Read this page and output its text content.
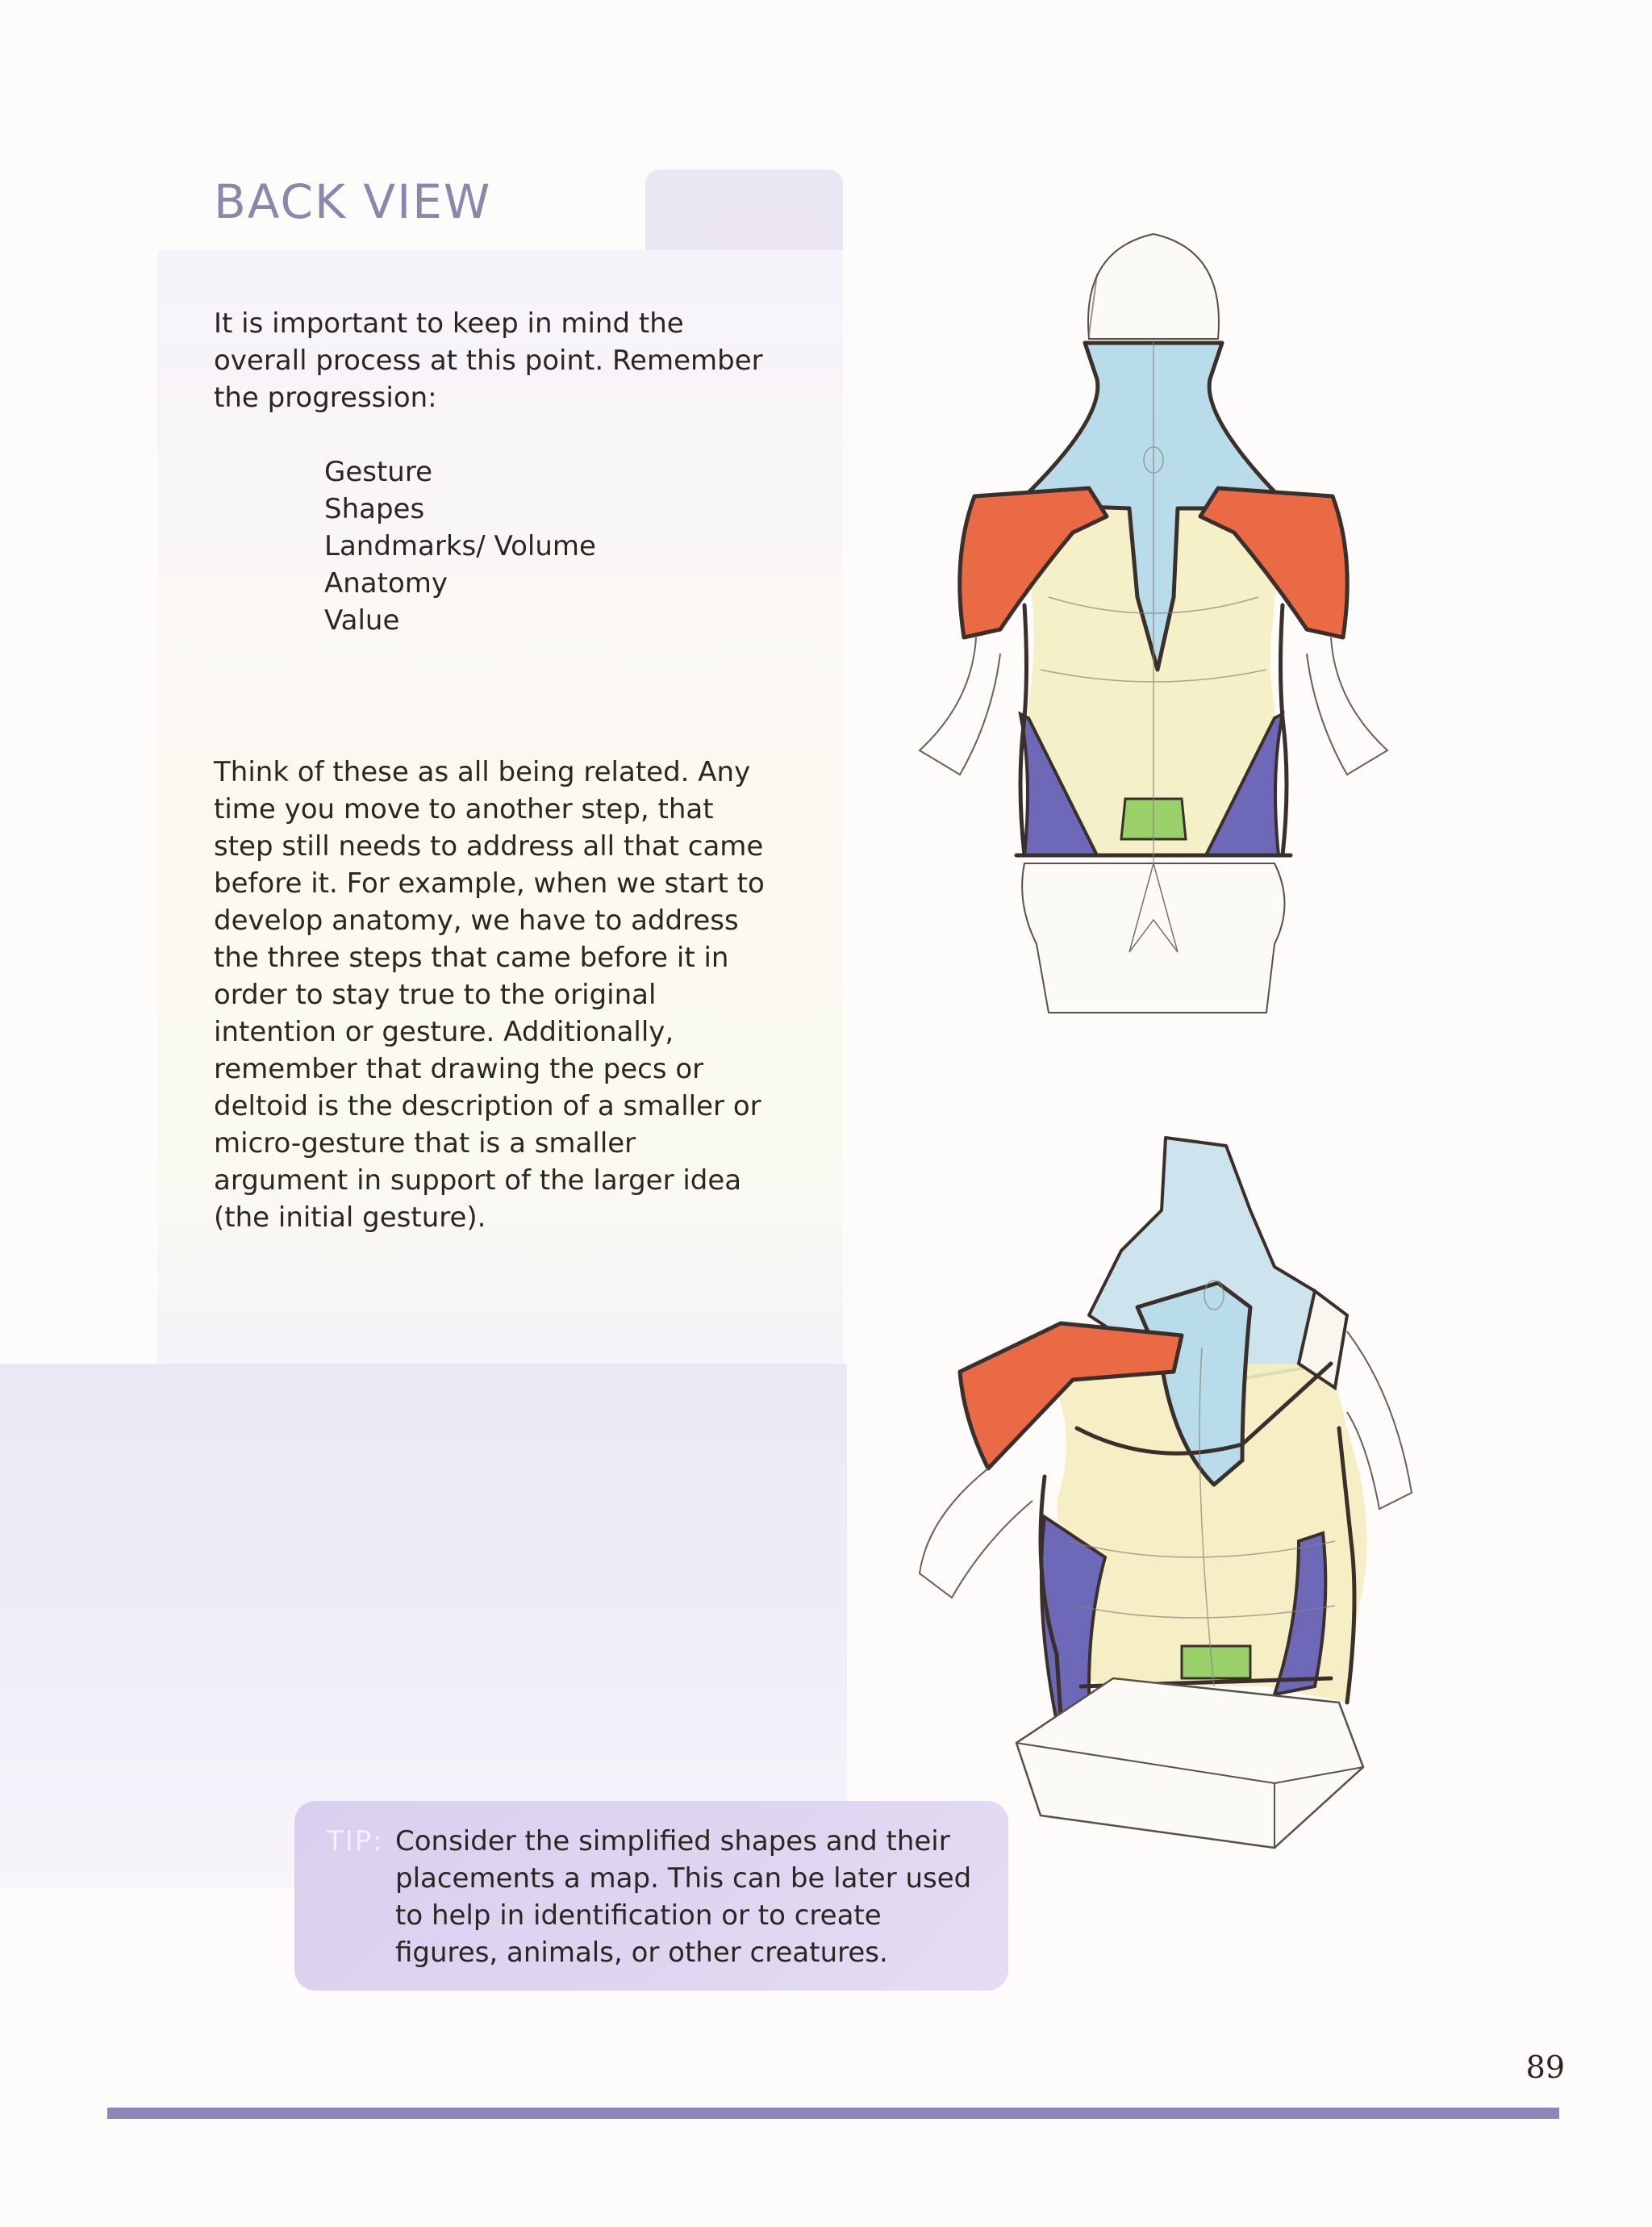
BACK VIEW

It is important to keep in mind the overall process at this point. Remember the progression:

Gesture
Shapes
Landmarks/ Volume
Anatomy
Value

Think of these as all being related. Any time you move to another step, that step still needs to address all that came before it. For example, when we start to develop anatomy, we have to address the three steps that came before it in order to stay true to the original intention or gesture. Additionally, remember that drawing the pecs or deltoid is the description of a smaller or micro-gesture that is a smaller argument in support of the larger idea (the initial gesture).

TIP: Consider the simplified shapes and their placements a map. This can be later used to help in identification or to create figures, animals, or other creatures.

89
